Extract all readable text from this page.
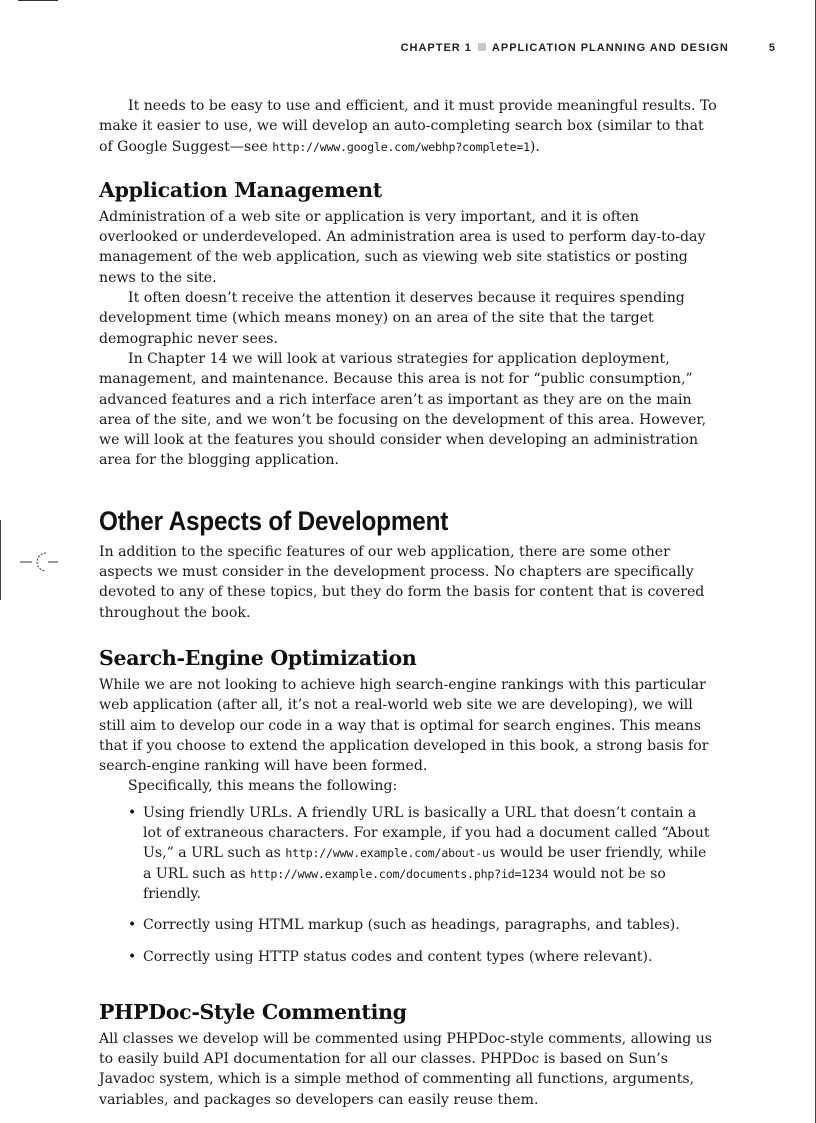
CHAPTER 1 APPLICATION PLANNING AND DESIGN	5

It needs to be easy to use and efficient, and it must provide meaningful results. To make it easier to use, we will develop an auto-completing search box (similar to that of Google Suggest—see http://www.google.com/webhp?complete=1).

Application Management

Administration of a web site or application is very important, and it is often overlooked or underdeveloped. An administration area is used to perform day-to-day management of the web application, such as viewing web site statistics or posting news to the site.

It often doesn’t receive the attention it deserves because it requires spending development time (which means money) on an area of the site that the target demographic never sees.

In Chapter 14 we will look at various strategies for application deployment, management, and maintenance. Because this area is not for “public consumption,” advanced features and a rich interface aren’t as important as they are on the main area of the site, and we won’t be focusing on the development of this area. However, we will look at the features you should consider when developing an administration area for the blogging application.

Other Aspects of Development

In addition to the specific features of our web application, there are some other aspects we must consider in the development process. No chapters are specifically devoted to any of these topics, but they do form the basis for content that is covered throughout the book.

Search-Engine Optimization

While we are not looking to achieve high search-engine rankings with this particular web application (after all, it’s not a real-world web site we are developing), we will still aim to develop our code in a way that is optimal for search engines. This means that if you choose to extend the application developed in this book, a strong basis for search-engine ranking will have been formed.

Specifically, this means the following:

• Using friendly URLs. A friendly URL is basically a URL that doesn’t contain a lot of extraneous characters. For example, if you had a document called “About Us,” a URL such as http://www.example.com/about-us would be user friendly, while a URL such as http://www.example.com/documents.php?id=1234 would not be so friendly.

• Correctly using HTML markup (such as headings, paragraphs, and tables).

• Correctly using HTTP status codes and content types (where relevant).

PHPDoc-Style Commenting

All classes we develop will be commented using PHPDoc-style comments, allowing us to easily build API documentation for all our classes. PHPDoc is based on Sun’s Javadoc system, which is a simple method of commenting all functions, arguments, variables, and packages so developers can easily reuse them.
